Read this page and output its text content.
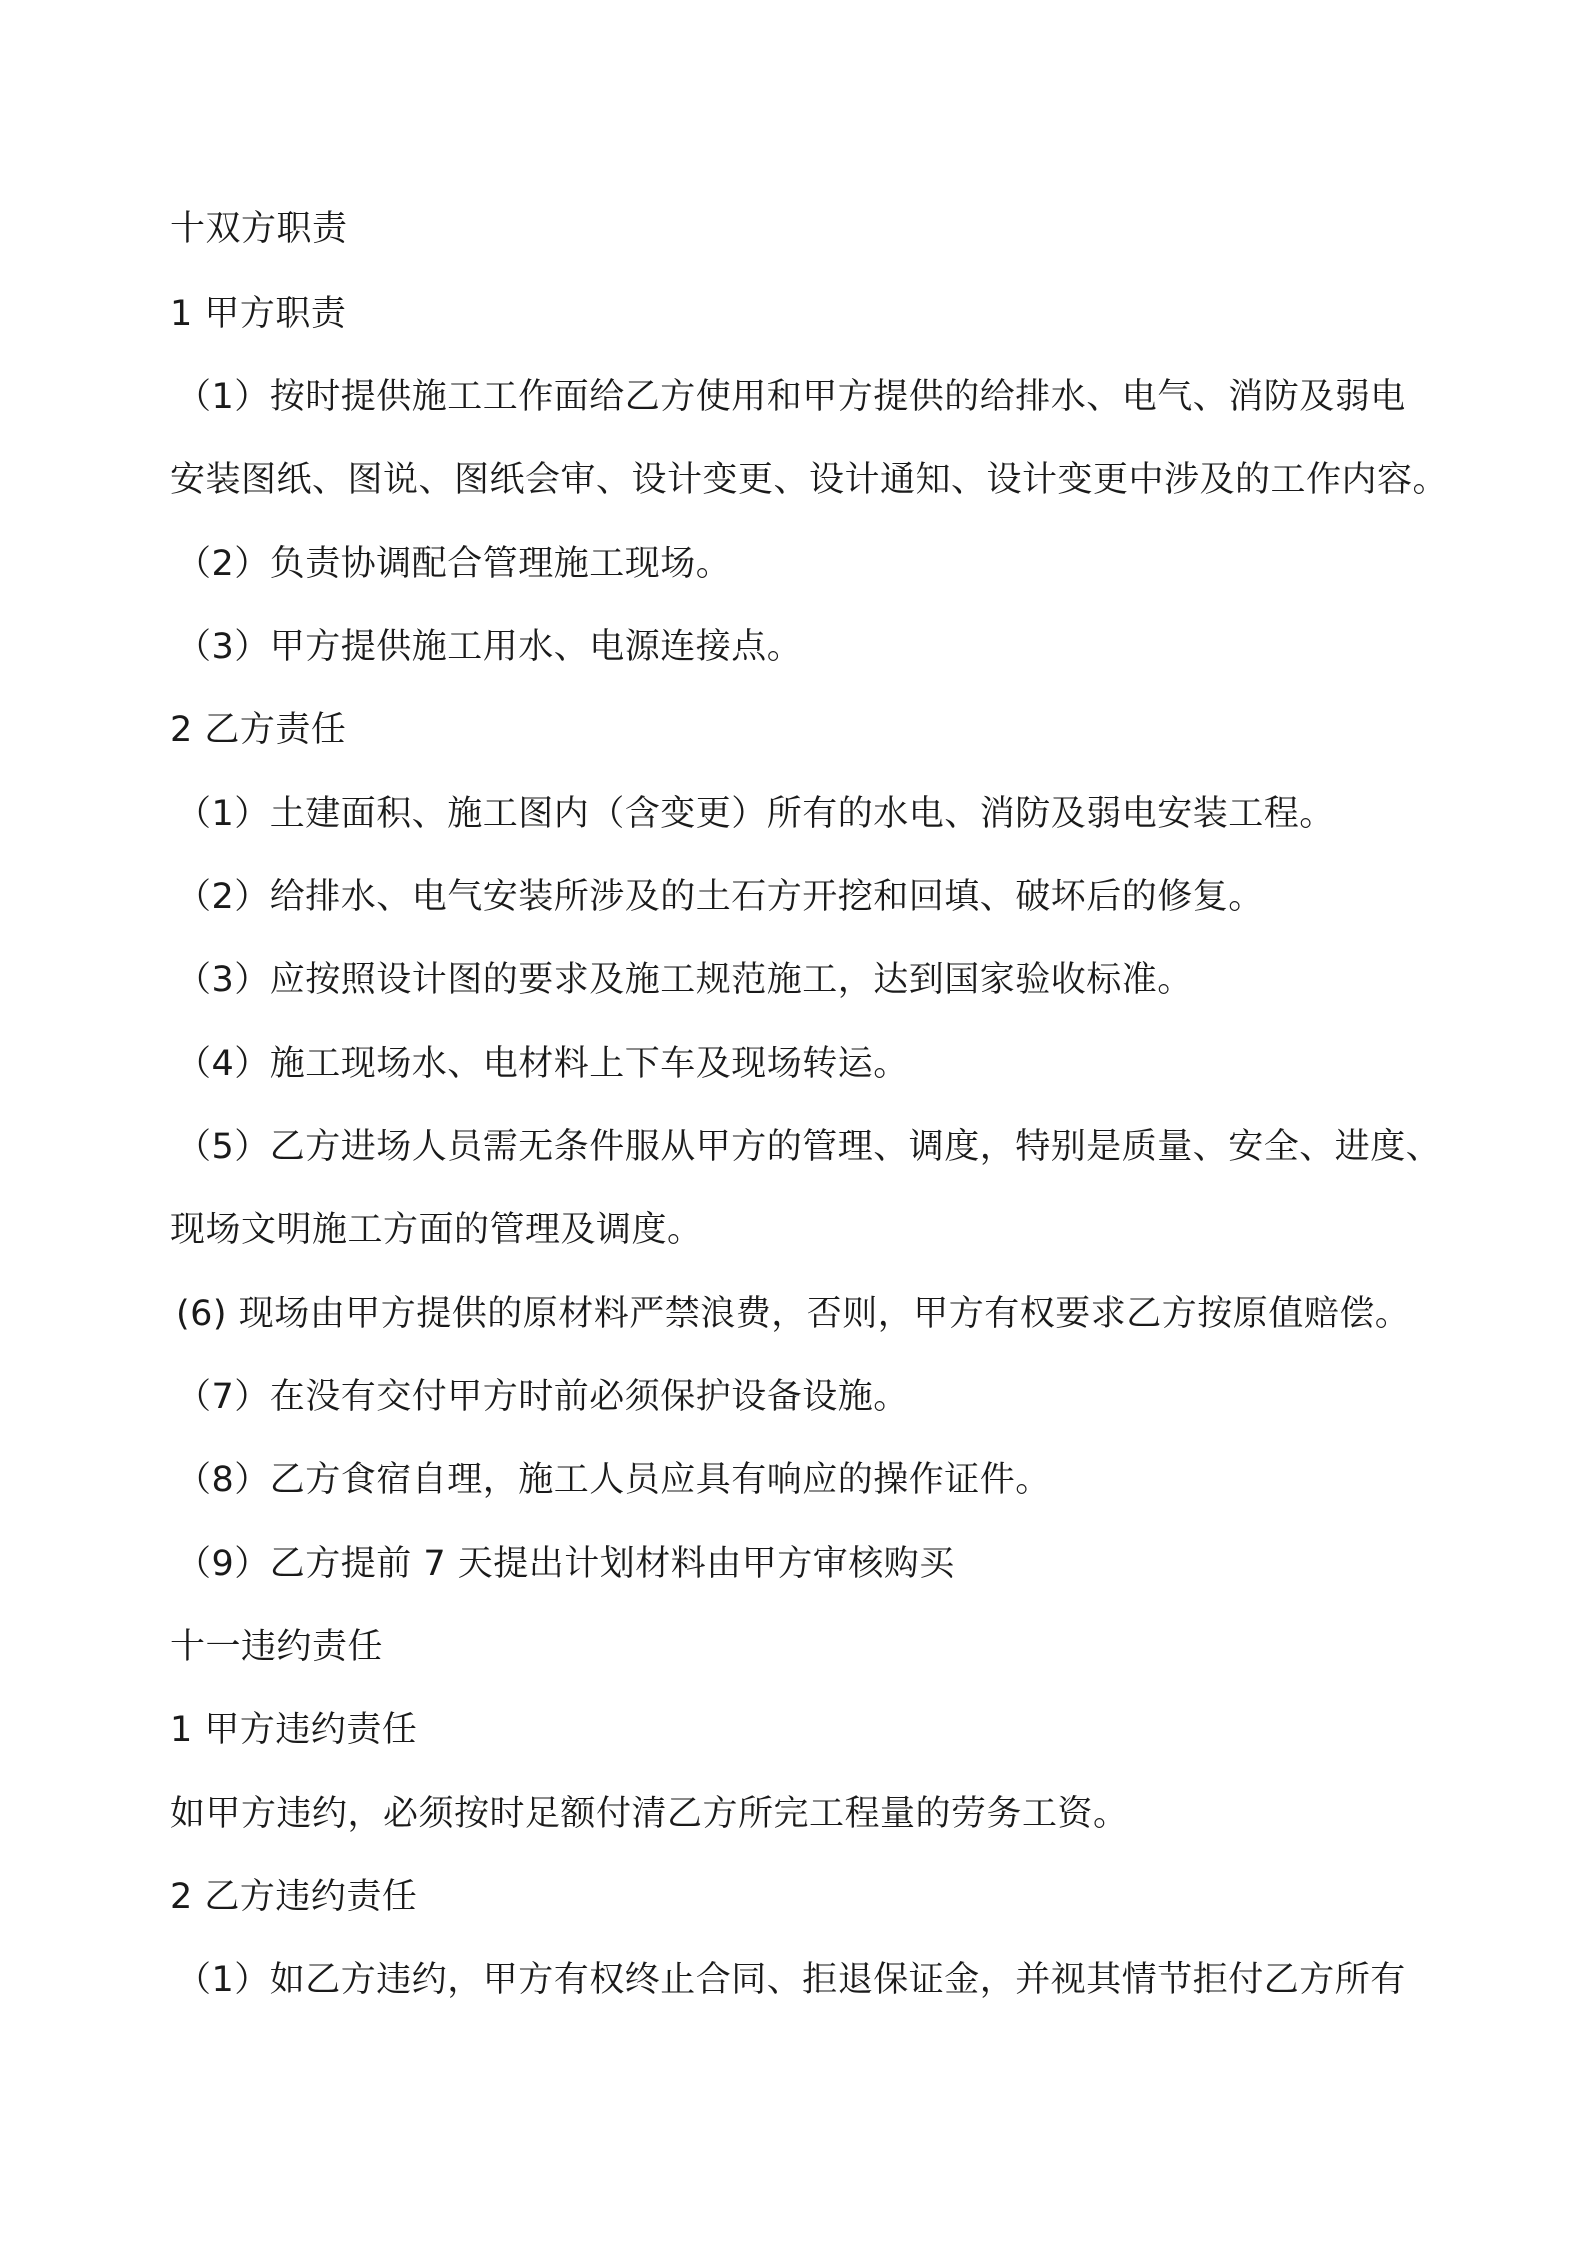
十双方职责
1 甲方职责
（1）按时提供施工工作面给乙方使用和甲方提供的给排水、电气、消防及弱电
安装图纸、图说、图纸会审、设计变更、设计通知、设计变更中涉及的工作内容。
（2）负责协调配合管理施工现场。
（3）甲方提供施工用水、电源连接点。
2 乙方责任
（1）土建面积、施工图内（含变更）所有的水电、消防及弱电安装工程。
（2）给排水、电气安装所涉及的土石方开挖和回填、破坏后的修复。
（3）应按照设计图的要求及施工规范施工，达到国家验收标准。
（4）施工现场水、电材料上下车及现场转运。
（5）乙方进场人员需无条件服从甲方的管理、调度，特别是质量、安全、进度、
现场文明施工方面的管理及调度。
(6) 现场由甲方提供的原材料严禁浪费，否则，甲方有权要求乙方按原值赔偿。
（7）在没有交付甲方时前必须保护设备设施。
（8）乙方食宿自理，施工人员应具有响应的操作证件。
（9）乙方提前 7 天提出计划材料由甲方审核购买
十一违约责任
1 甲方违约责任
如甲方违约，必须按时足额付清乙方所完工程量的劳务工资。
2 乙方违约责任
（1）如乙方违约，甲方有权终止合同、拒退保证金，并视其情节拒付乙方所有
